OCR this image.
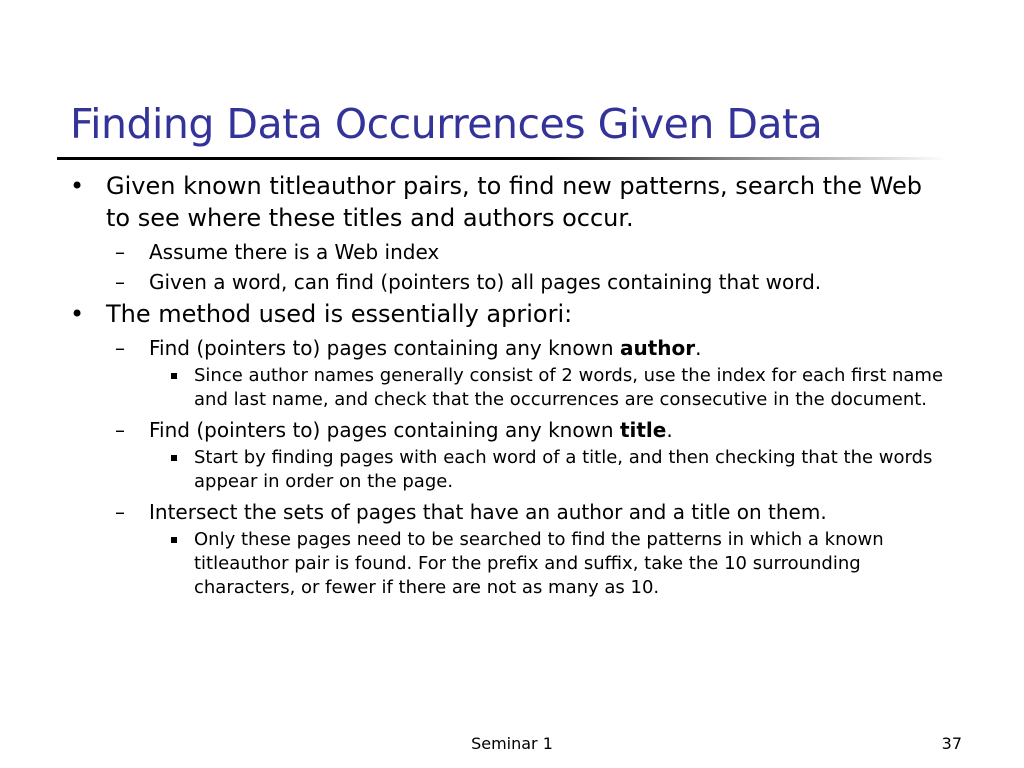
Finding Data Occurrences Given Data
• Given known titleauthor pairs, to find new patterns, search the Web to see where these titles and authors occur.
– Assume there is a Web index
– Given a word, can find (pointers to) all pages containing that word.
• The method used is essentially apriori:
– Find (pointers to) pages containing any known author.
Since author names generally consist of 2 words, use the index for each first name and last name, and check that the occurrences are consecutive in the document.
– Find (pointers to) pages containing any known title.
Start by finding pages with each word of a title, and then checking that the words appear in order on the page.
– Intersect the sets of pages that have an author and a title on them.
Only these pages need to be searched to find the patterns in which a known titleauthor pair is found. For the prefix and suffix, take the 10 surrounding characters, or fewer if there are not as many as 10.
Seminar 1	37
